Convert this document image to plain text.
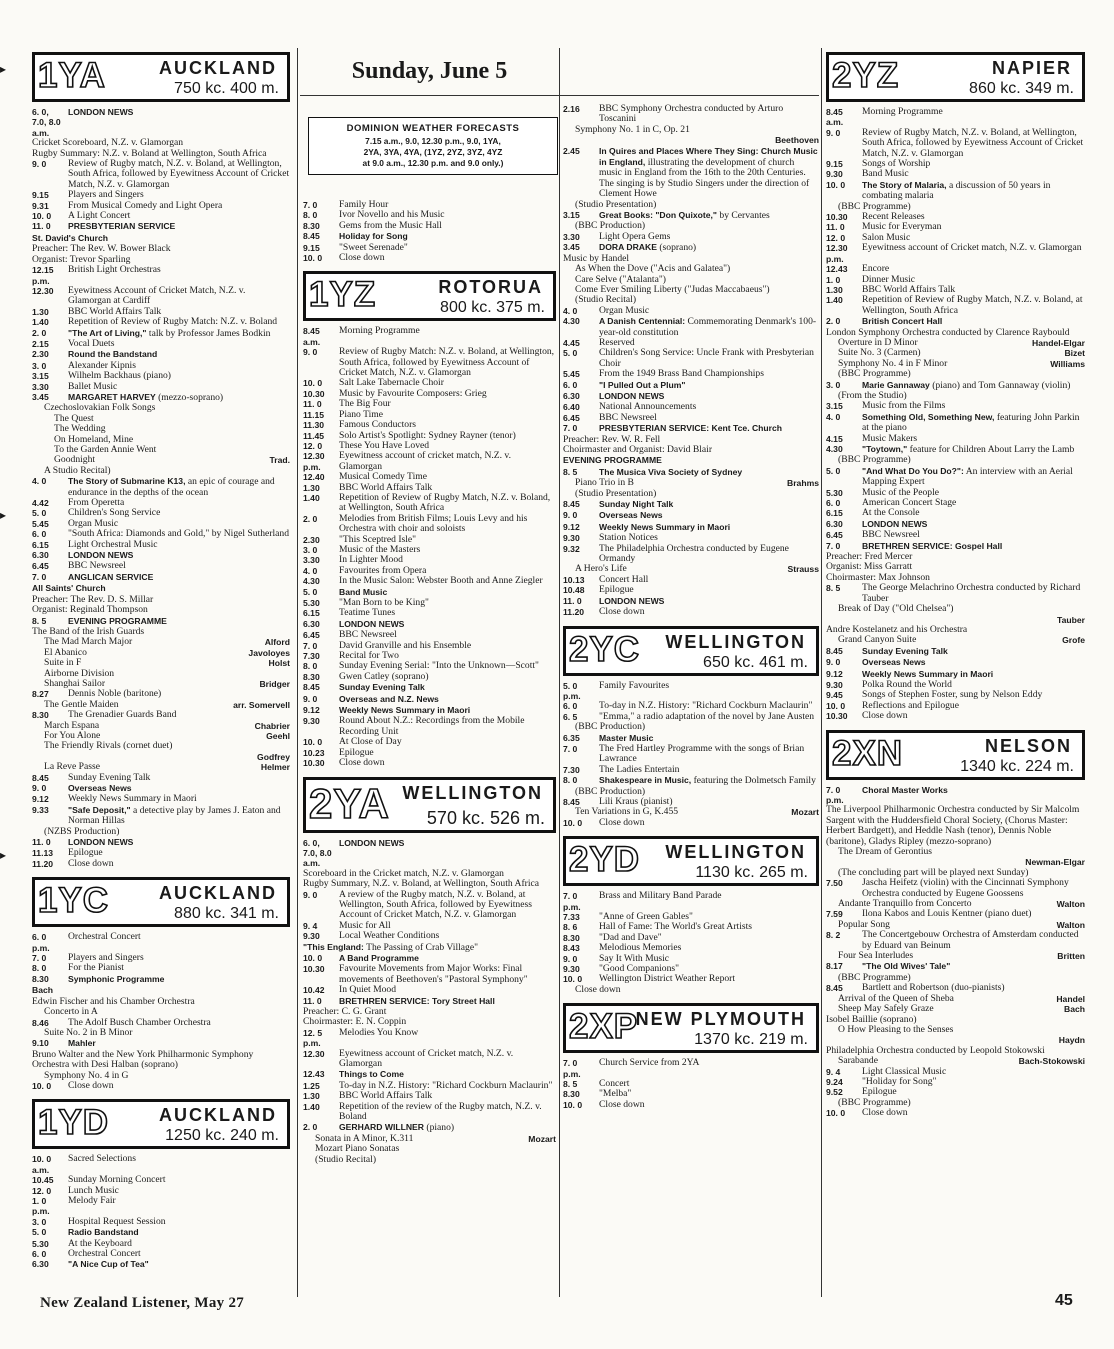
Sunday, June 5
DOMINION WEATHER FORECASTS
7.15 a.m., 9.0, 12.30 p.m., 9.0, 1YA,
2YA, 3YA, 4YA, (1YZ, 2YZ, 3YZ, 4YZ
at 9.0 a.m., 12.30 p.m. and 9.0 only.)
1YA	AUCKLAND
750 kc. 400 m.
6. 0, 7.0, 8.0 a.m.
LONDON NEWS
Cricket Scoreboard, N.Z. v. Glamorgan
Rugby Summary: N.Z. v. Boland at Wellington, South Africa
9. 0	Review of Rugby match, N.Z. v. Boland, at Wellington, South Africa, followed by Eyewitness Account of Cricket Match, N.Z. v. Glamorgan
9.15	Players and Singers
9.31	From Musical Comedy and Light Opera
10. 0	A Light Concert
11. 0	PRESBYTERIAN SERVICE
St. David's Church
Preacher: The Rev. W. Bower Black
Organist: Trevor Sparling
12.15 p.m.
British Light Orchestras
12.30	Eyewitness Account of Cricket Match, N.Z. v. Glamorgan at Cardiff
1.30	BBC World Affairs Talk
1.40	Repetition of Review of Rugby Match: N.Z. v. Boland
2. 0	"The Art of Living," talk by Professor James Bodkin
2.15	Vocal Duets
2.30	Round the Bandstand
3. 0	Alexander Kipnis
3.15	Wilhelm Backhaus (piano)
3.30	Ballet Music
3.45	MARGARET HARVEY (mezzo-soprano)
Czechoslovakian Folk Songs
The Quest
The Wedding
On Homeland, Mine
To the Garden Annie Went
Goodnight	Trad.
A Studio Recital)
4. 0	The Story of Submarine K13, an epic of courage and endurance in the depths of the ocean
4.42	From Operetta
5. 0	Children's Song Service
5.45	Organ Music
6. 0	"South Africa: Diamonds and Gold," by Nigel Sutherland
6.15	Light Orchestral Music
6.30	LONDON NEWS
6.45	BBC Newsreel
7. 0	ANGLICAN SERVICE
All Saints' Church
Preacher: The Rev. D. S. Millar
Organist: Reginald Thompson
8. 5	EVENING PROGRAMME
The Band of the Irish Guards
The Mad March Major	Alford
El Abanico	Javoloyes
Suite in F	Holst
Airborne Division
Shanghai Sailor	Bridger
8.27	Dennis Noble (baritone)
The Gentle Maiden	arr. Somervell
8.30	The Grenadier Guards Band
March Espana	Chabrier
For You Alone	Geehl
The Friendly Rivals (cornet duet)
Godfrey
La Reve Passe	Helmer
8.45	Sunday Evening Talk
9. 0	Overseas News
9.12	Weekly News Summary in Maori
9.33	"Safe Deposit," a detective play by James J. Eaton and Norman Hillas
(NZBS Production)
11. 0	LONDON NEWS
11.13	Epilogue
11.20	Close down
1YC	AUCKLAND
880 kc. 341 m.
6. 0 p.m.
Orchestral Concert
7. 0	Players and Singers
8. 0	For the Pianist
8.30	Symphonic Programme
Bach
Edwin Fischer and his Chamber Orchestra
Concerto in A
8.46	The Adolf Busch Chamber Orchestra
Suite No. 2 in B Minor
9.10	Mahler
Bruno Walter and the New York Philharmonic Symphony Orchestra with Desi Halban (soprano)
Symphony No. 4 in G
10. 0	Close down
1YD	AUCKLAND
1250 kc. 240 m.
10. 0 a.m.
Sacred Selections
10.45	Sunday Morning Concert
12. 0	Lunch Music
1. 0 p.m.
Melody Fair
3. 0	Hospital Request Session
5. 0	Radio Bandstand
5.30	At the Keyboard
6. 0	Orchestral Concert
6.30	"A Nice Cup of Tea"
7. 0	Family Hour
8. 0	Ivor Novello and his Music
8.30	Gems from the Music Hall
8.45	Holiday for Song
9.15	"Sweet Serenade"
10. 0	Close down
1YZ	ROTORUA
800 kc. 375 m.
8.45 a.m.
Morning Programme
9. 0	Review of Rugby Match: N.Z. v. Boland, at Wellington, South Africa, followed by Eyewitness Account of Cricket Match, N.Z. v. Glamorgan
10. 0	Salt Lake Tabernacle Choir
10.30	Music by Favourite Composers: Grieg
11. 0	The Big Four
11.15	Piano Time
11.30	Famous Conductors
11.45	Solo Artist's Spotlight: Sydney Rayner (tenor)
12. 0	These You Have Loved
12.30 p.m.
Eyewitness account of cricket match, N.Z. v. Glamorgan
12.40	Musical Comedy Time
1.30	BBC World Affairs Talk
1.40	Repetition of Review of Rugby Match, N.Z. v. Boland, at Wellington, South Africa
2. 0	Melodies from British Films; Louis Levy and his Orchestra with choir and soloists
2.30	"This Sceptred Isle"
3. 0	Music of the Masters
3.30	In Lighter Mood
4. 0	Favourites from Opera
4.30	In the Music Salon: Webster Booth and Anne Ziegler
5. 0	Band Music
5.30	"Man Born to be King"
6.15	Teatime Tunes
6.30	LONDON NEWS
6.45	BBC Newsreel
7. 0	David Granville and his Ensemble
7.30	Recital for Two
8. 0	Sunday Evening Serial: "Into the Unknown—Scott"
8.30	Gwen Catley (soprano)
8.45	Sunday Evening Talk
9. 0	Overseas and N.Z. News
9.12	Weekly News Summary in Maori
9.30	Round About N.Z.: Recordings from the Mobile Recording Unit
10. 0	At Close of Day
10.23	Epilogue
10.30	Close down
2YA WELLINGTON
570 kc. 526 m.
6. 0, 7.0, 8.0 a.m.
LONDON NEWS
Scoreboard in the Cricket match, N.Z. v. Glamorgan
Rugby Summary, N.Z. v. Boland, at Wellington, South Africa
9. 0	A review of the Rugby match, N.Z. v. Boland, at Wellington, South Africa, followed by Eyewitness Account of Cricket Match, N.Z. v. Glamorgan
9. 4	Music for All
9.30	Local Weather Conditions
"This England: The Passing of Crab Village"
10. 0	A Band Programme
10.30	Favourite Movements from Major Works: Final movements of Beethoven's "Pastoral Symphony"
10.42	In Quiet Mood
11. 0	BRETHREN SERVICE: Tory Street Hall
Preacher: C. G. Grant
Choirmaster: E. N. Coppin
12. 5 p.m.
Melodies You Know
12.30	Eyewitness account of Cricket match, N.Z. v. Glamorgan
12.43	Things to Come
1.25	To-day in N.Z. History: "Richard Cockburn Maclaurin"
1.30	BBC World Affairs Talk
1.40	Repetition of the review of the Rugby match, N.Z. v. Boland
2. 0	GERHARD WILLNER (piano)
Sonata in A Minor, K.311	Mozart
Mozart Piano Sonatas
(Studio Recital)
2.16	BBC Symphony Orchestra conducted by Arturo Toscanini
Symphony No. 1 in C, Op. 21
Beethoven
2.45	In Quires and Places Where They Sing: Church Music in England, illustrating the development of church music in England from the 16th to the 20th Centuries. The singing is by Studio Singers under the direction of Clement Howe
(Studio Presentation)
3.15	Great Books: "Don Quixote," by Cervantes
(BBC Production)
3.30	Light Opera Gems
3.45	DORA DRAKE (soprano)
Music by Handel
As When the Dove ("Acis and Galatea")
Care Selve ("Atalanta")
Come Ever Smiling Liberty ("Judas Maccabaeus")
(Studio Recital)
4. 0	Organ Music
4.30	A Danish Centennial: Commemorating Denmark's 100-year-old constitution
4.45	Reserved
5. 0	Children's Song Service: Uncle Frank with Presbyterian Choir
5.45	From the 1949 Brass Band Championships
6. 0	"I Pulled Out a Plum"
6.30	LONDON NEWS
6.40	National Announcements
6.45	BBC Newsreel
7. 0	PRESBYTERIAN SERVICE: Kent Tce. Church
Preacher: Rev. W. R. Fell
Choirmaster and Organist: David Blair
EVENING PROGRAMME
8. 5	The Musica Viva Society of Sydney
Piano Trio in B	Brahms
(Studio Presentation)
8.45	Sunday Night Talk
9. 0	Overseas News
9.12	Weekly News Summary in Maori
9.30	Station Notices
9.32	The Philadelphia Orchestra conducted by Eugene Ormandy
A Hero's Life	Strauss
10.13	Concert Hall
10.48	Epilogue
11. 0	LONDON NEWS
11.20	Close down
2YC WELLINGTON
650 kc. 461 m.
5. 0 p.m.
Family Favourites
6. 0	To-day in N.Z. History: "Richard Cockburn Maclaurin"
6. 5	"Emma," a radio adaptation of the novel by Jane Austen
(BBC Production)
6.35	Master Music
7. 0	The Fred Hartley Programme with the songs of Brian Lawrance
7.30	The Ladies Entertain
8. 0	Shakespeare in Music, featuring the Dolmetsch Family
(BBC Production)
8.45	Lili Kraus (pianist)
Ten Variations in G, K.455	Mozart
10. 0	Close down
2YD WELLINGTON
1130 kc. 265 m.
7. 0 p.m.
Brass and Military Band Parade
7.33	"Anne of Green Gables"
8. 6	Hall of Fame: The World's Great Artists
8.30	"Dad and Dave"
8.43	Melodious Memories
9. 0	Say It With Music
9.30	"Good Companions"
10. 0	Wellington District Weather Report
Close down
2XP
NEW PLYMOUTH
1370 kc. 219 m.
7. 0 p.m.
Church Service from 2YA
8. 5	Concert
8.30	"Melba"
10. 0	Close down
2YZ	NAPIER
860 kc. 349 m.
8.45 a.m.
Morning Programme
9. 0	Review of Rugby Match, N.Z. v. Boland, at Wellington, South Africa, followed by Eyewitness Account of Cricket Match, N.Z. v. Glamorgan
9.15	Songs of Worship
9.30	Band Music
10. 0	The Story of Malaria, a discussion of 50 years in combating malaria
(BBC Programme)
10.30	Recent Releases
11. 0	Music for Everyman
12. 0	Salon Music
12.30 p.m.
Eyewitness account of Cricket match, N.Z. v. Glamorgan
12.43	Encore
1. 0	Dinner Music
1.30	BBC World Affairs Talk
1.40	Repetition of Review of Rugby Match, N.Z. v. Boland, at Wellington, South Africa
2. 0	British Concert Hall
London Symphony Orchestra conducted by Clarence Raybould
Overture in D Minor	Handel-Elgar
Suite No. 3 (Carmen)	Bizet
Symphony No. 4 in F Minor	Williams
(BBC Programme)
3. 0	Marie Gannaway (piano) and Tom Gannaway (violin)
(From the Studio)
3.15	Music from the Films
4. 0	Something Old, Something New, featuring John Parkin at the piano
4.15	Music Makers
4.30	"Toytown," feature for Children About Larry the Lamb
(BBC Programme)
5. 0	"And What Do You Do?": An interview with an Aerial Mapping Expert
5.30	Music of the People
6. 0	American Concert Stage
6.15	At the Console
6.30	LONDON NEWS
6.45	BBC Newsreel
7. 0	BRETHREN SERVICE: Gospel Hall
Preacher: Fred Mercer
Organist: Miss Garratt
Choirmaster: Max Johnson
8. 5	The George Melachrino Orchestra conducted by Richard Tauber
Break of Day ("Old Chelsea")
Tauber
Andre Kostelanetz and his Orchestra
Grand Canyon Suite	Grofe
8.45	Sunday Evening Talk
9. 0	Overseas News
9.12	Weekly News Summary in Maori
9.30	Polka Round the World
9.45	Songs of Stephen Foster, sung by Nelson Eddy
10. 0	Reflections and Epilogue
10.30	Close down
2XN	NELSON
1340 kc. 224 m.
7. 0 p.m.
Choral Master Works
The Liverpool Philharmonic Orchestra conducted by Sir Malcolm Sargent with the Huddersfield Choral Society, (Chorus Master: Herbert Bardgett), and Heddle Nash (tenor), Dennis Noble (baritone), Gladys Ripley (mezzo-soprano)
The Dream of Gerontius
Newman-Elgar
(The concluding part will be played next Sunday)
7.50	Jascha Heifetz (violin) with the Cincinnati Symphony Orchestra conducted by Eugene Goossens
Andante Tranquillo from Concerto	Walton
7.59	Ilona Kabos and Louis Kentner (piano duet)
Popular Song	Walton
8. 2	The Concertgebouw Orchestra of Amsterdam conducted by Eduard van Beinum
Four Sea Interludes	Britten
8.17	"The Old Wives' Tale"
(BBC Programme)
8.45	Bartlett and Robertson (duo-pianists)
Arrival of the Queen of Sheba	Handel
Sheep May Safely Graze	Bach
Isobel Baillie (soprano)
O How Pleasing to the Senses
Haydn
Philadelphia Orchestra conducted by Leopold Stokowski
Sarabande	Bach-Stokowski
9. 4	Light Classical Music
9.24	"Holiday for Song"
9.52	Epilogue
(BBC Programme)
10. 0	Close down
▸
▸
▸
New Zealand Listener, May 27	45
